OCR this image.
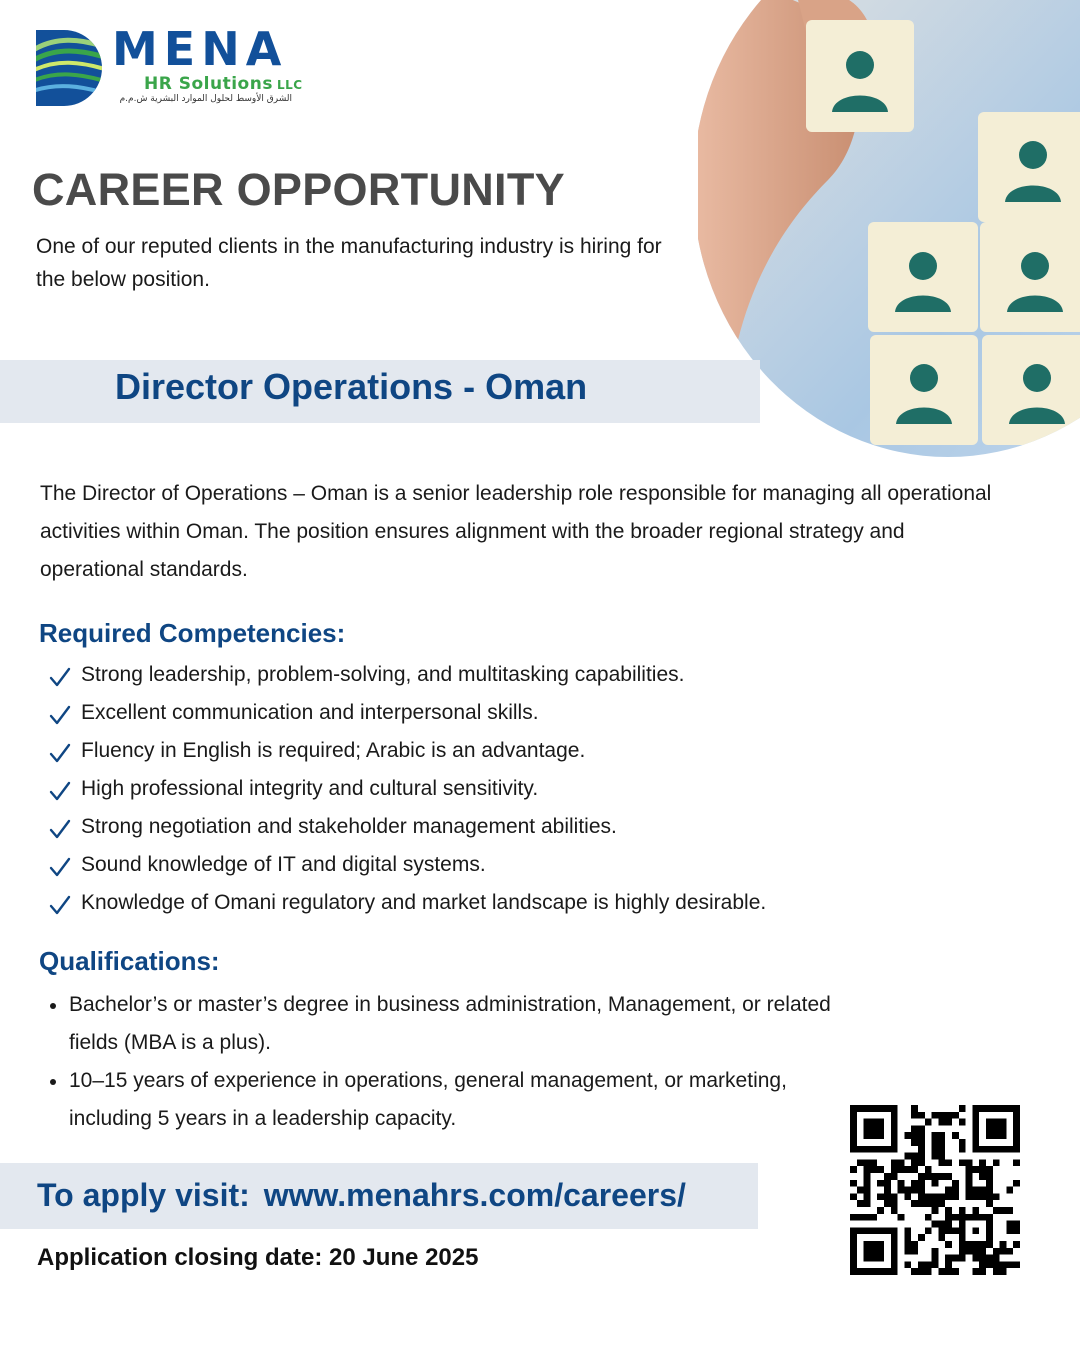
MENA
HR Solutions LLC
الشرق الأوسط لحلول الموارد البشرية ش.م.م
CAREER OPPORTUNITY
One of our reputed clients in the manufacturing industry is hiring for the below position.
Director Operations - Oman
The Director of Operations – Oman is a senior leadership role responsible for managing all operational activities within Oman. The position ensures alignment with the broader regional strategy and operational standards.
Required Competencies:
Strong leadership, problem-solving, and multitasking capabilities.
Excellent communication and interpersonal skills.
Fluency in English is required; Arabic is an advantage.
High professional integrity and cultural sensitivity.
Strong negotiation and stakeholder management abilities.
Sound knowledge of IT and digital systems.
Knowledge of Omani regulatory and market landscape is highly desirable.
Qualifications:
Bachelor’s or master’s degree in business administration, Management, or related fields (MBA is a plus).
10–15 years of experience in operations, general management, or marketing, including 5 years in a leadership capacity.
To apply visit: www.menahrs.com/careers/
Application closing date: 20 June 2025
